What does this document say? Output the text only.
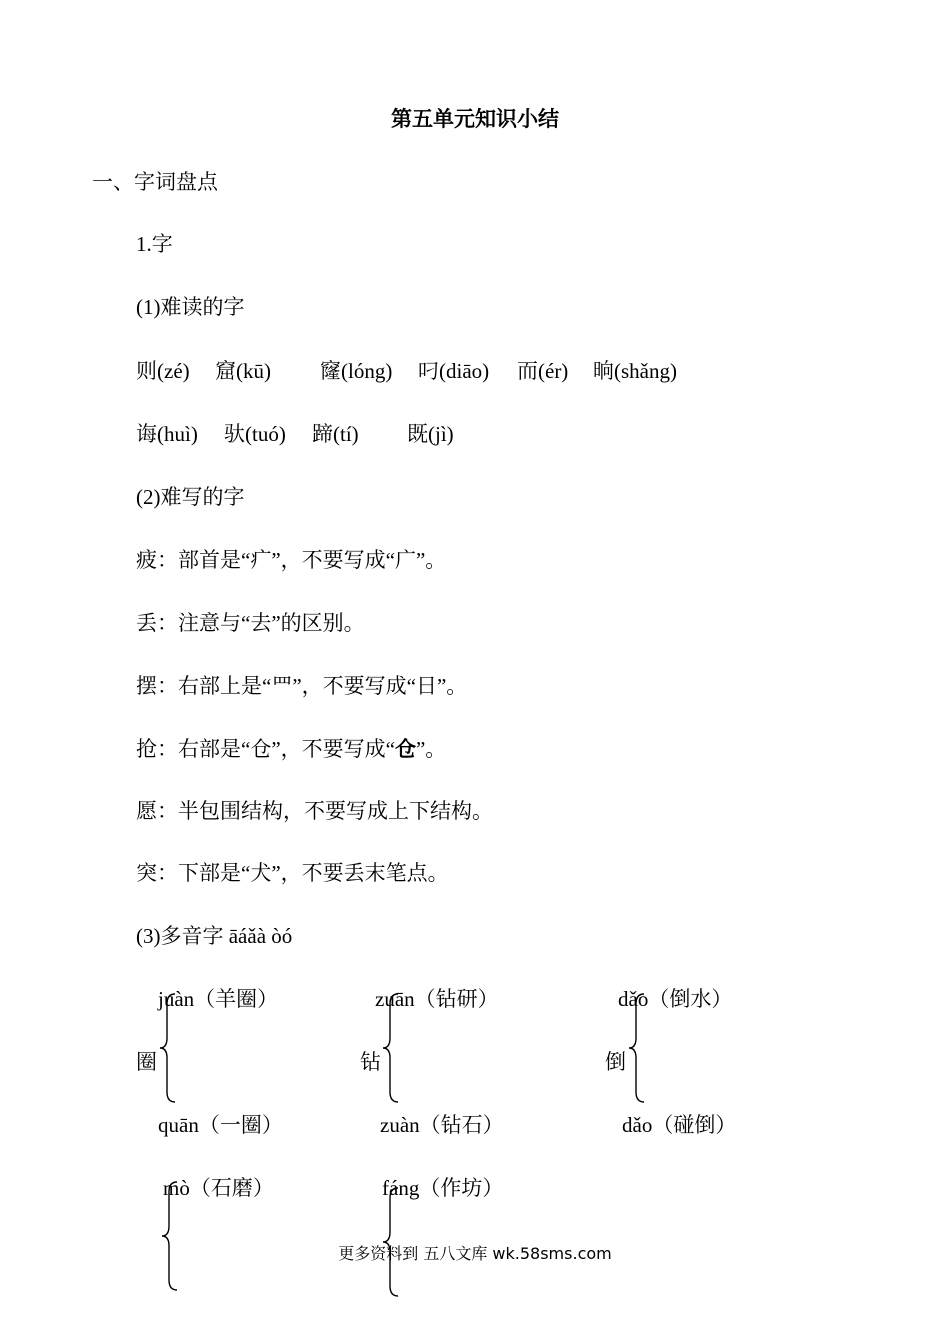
第五单元知识小结
一、字词盘点
1.字
(1)难读的字
则(zé) 窟(kū) 窿(lóng) 叼(diāo) 而(ér) 晌(shǎng)
诲(huì) 驮(tuó) 蹄(tí) 既(jì)
(2)难写的字
疲：部首是“疒”，不要写成“广”。
丢：注意与“去”的区别。
摆：右部上是“罒”，不要写成“日”。
抢：右部是“仓”，不要写成“仓”。
愿：半包围结构，不要写成上下结构。
突：下部是“犬”，不要丢末笔点。
(3)多音字 āáǎà òó
juàn（羊圈）
圈
quān（一圈）
zuān（钻研）
钻
zuàn（钻石）
dǎo（倒水）
倒
dǎo（碰倒）
mò（石磨）	fáng（作坊）
更多资料到 五八文库 wk.58sms.com
